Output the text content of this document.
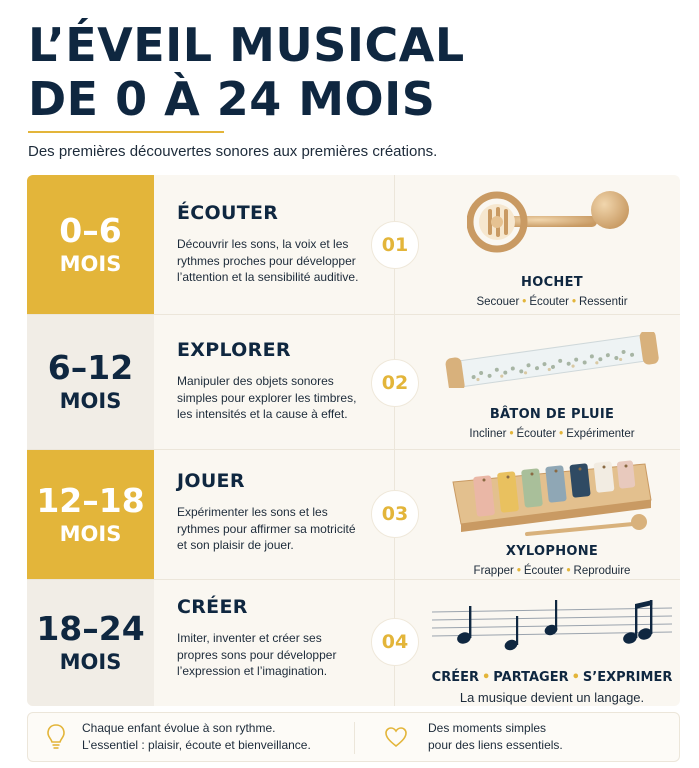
L’ÉVEIL MUSICAL
DE 0 À 24 MOIS
Des premières découvertes sonores aux premières créations.
0–6
MOIS
ÉCOUTER
Découvrir les sons, la voix et les rythmes proches pour développer l’attention et la sensibilité auditive.
01
HOCHET
Secouer • Écouter • Ressentir
6–12
MOIS
EXPLORER
Manipuler des objets sonores simples pour explorer les timbres, les intensités et la cause à effet.
02
BÂTON DE PLUIE
Incliner • Écouter • Expérimenter
12–18
MOIS
JOUER
Expérimenter les sons et les rythmes pour affirmer sa motricité et son plaisir de jouer.
03
XYLOPHONE
Frapper • Écouter • Reproduire
18–24
MOIS
CRÉER
Imiter, inventer et créer ses propres sons pour développer l’expression et l’imagination.
04
CRÉER • PARTAGER • S’EXPRIMER
La musique devient un langage.
Chaque enfant évolue à son rythme.
L’essentiel : plaisir, écoute et bienveillance.
Des moments simples
pour des liens essentiels.
